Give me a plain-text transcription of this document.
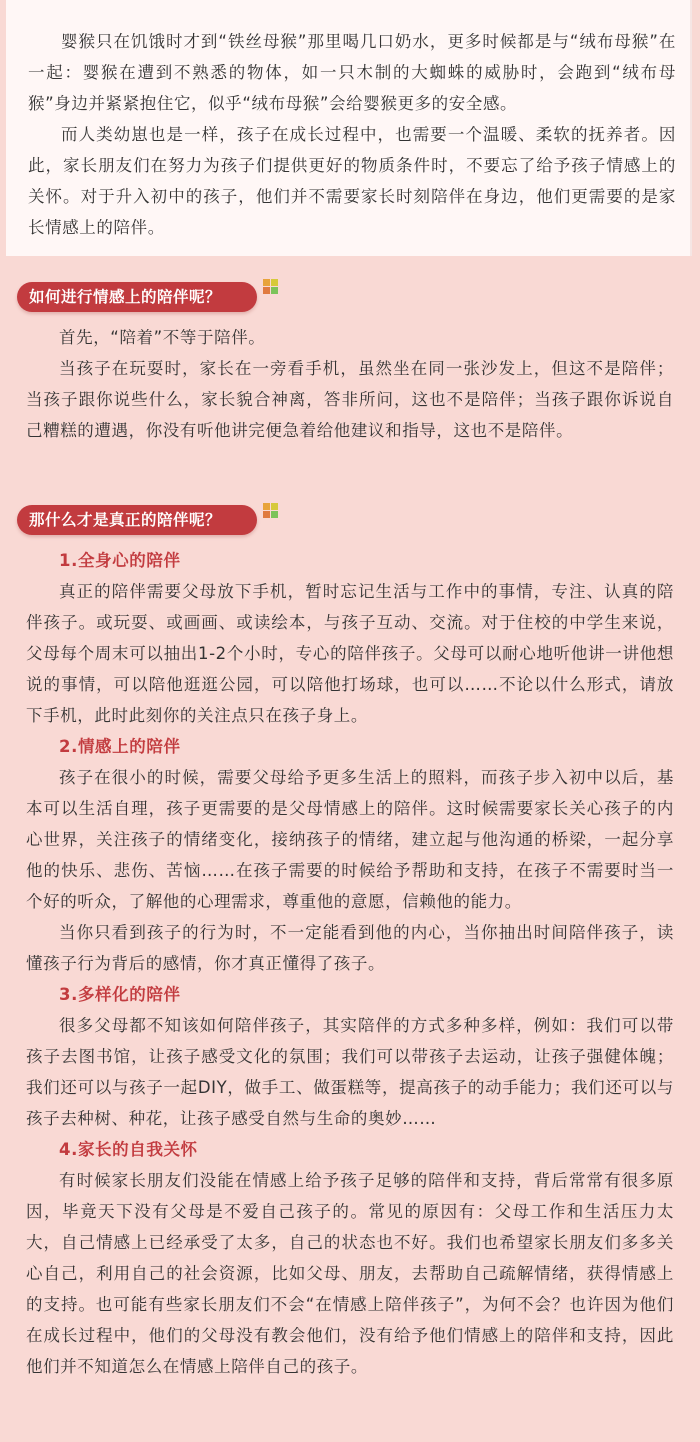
婴猴只在饥饿时才到“铁丝母猴”那里喝几口奶水，更多时候都是与“绒布母猴”在一起：婴猴在遭到不熟悉的物体，如一只木制的大蜘蛛的威胁时，会跑到“绒布母猴”身边并紧紧抱住它，似乎“绒布母猴”会给婴猴更多的安全感。

而人类幼崽也是一样，孩子在成长过程中，也需要一个温暖、柔软的抚养者。因此，家长朋友们在努力为孩子们提供更好的物质条件时，不要忘了给予孩子情感上的关怀。对于升入初中的孩子，他们并不需要家长时刻陪伴在身边，他们更需要的是家长情感上的陪伴。

如何进行情感上的陪伴呢？

首先，“陪着”不等于陪伴。

当孩子在玩耍时，家长在一旁看手机，虽然坐在同一张沙发上，但这不是陪伴；当孩子跟你说些什么，家长貌合神离，答非所问，这也不是陪伴；当孩子跟你诉说自己糟糕的遭遇，你没有听他讲完便急着给他建议和指导，这也不是陪伴。

那什么才是真正的陪伴呢？

1.全身心的陪伴

真正的陪伴需要父母放下手机，暂时忘记生活与工作中的事情，专注、认真的陪伴孩子。或玩耍、或画画、或读绘本，与孩子互动、交流。对于住校的中学生来说，父母每个周末可以抽出1-2个小时，专心的陪伴孩子。父母可以耐心地听他讲一讲他想说的事情，可以陪他逛逛公园，可以陪他打场球，也可以……不论以什么形式，请放下手机，此时此刻你的关注点只在孩子身上。

2.情感上的陪伴

孩子在很小的时候，需要父母给予更多生活上的照料，而孩子步入初中以后，基本可以生活自理，孩子更需要的是父母情感上的陪伴。这时候需要家长关心孩子的内心世界，关注孩子的情绪变化，接纳孩子的情绪，建立起与他沟通的桥梁，一起分享他的快乐、悲伤、苦恼……在孩子需要的时候给予帮助和支持，在孩子不需要时当一个好的听众，了解他的心理需求，尊重他的意愿，信赖他的能力。

当你只看到孩子的行为时，不一定能看到他的内心，当你抽出时间陪伴孩子，读懂孩子行为背后的感情，你才真正懂得了孩子。

3.多样化的陪伴

很多父母都不知该如何陪伴孩子，其实陪伴的方式多种多样，例如：我们可以带孩子去图书馆，让孩子感受文化的氛围；我们可以带孩子去运动，让孩子强健体魄；我们还可以与孩子一起DIY，做手工、做蛋糕等，提高孩子的动手能力；我们还可以与孩子去种树、种花，让孩子感受自然与生命的奥妙……

4.家长的自我关怀

有时候家长朋友们没能在情感上给予孩子足够的陪伴和支持，背后常常有很多原因，毕竟天下没有父母是不爱自己孩子的。常见的原因有：父母工作和生活压力太大，自己情感上已经承受了太多，自己的状态也不好。我们也希望家长朋友们多多关心自己，利用自己的社会资源，比如父母、朋友，去帮助自己疏解情绪，获得情感上的支持。也可能有些家长朋友们不会“在情感上陪伴孩子”，为何不会？也许因为他们在成长过程中，他们的父母没有教会他们，没有给予他们情感上的陪伴和支持，因此他们并不知道怎么在情感上陪伴自己的孩子。
